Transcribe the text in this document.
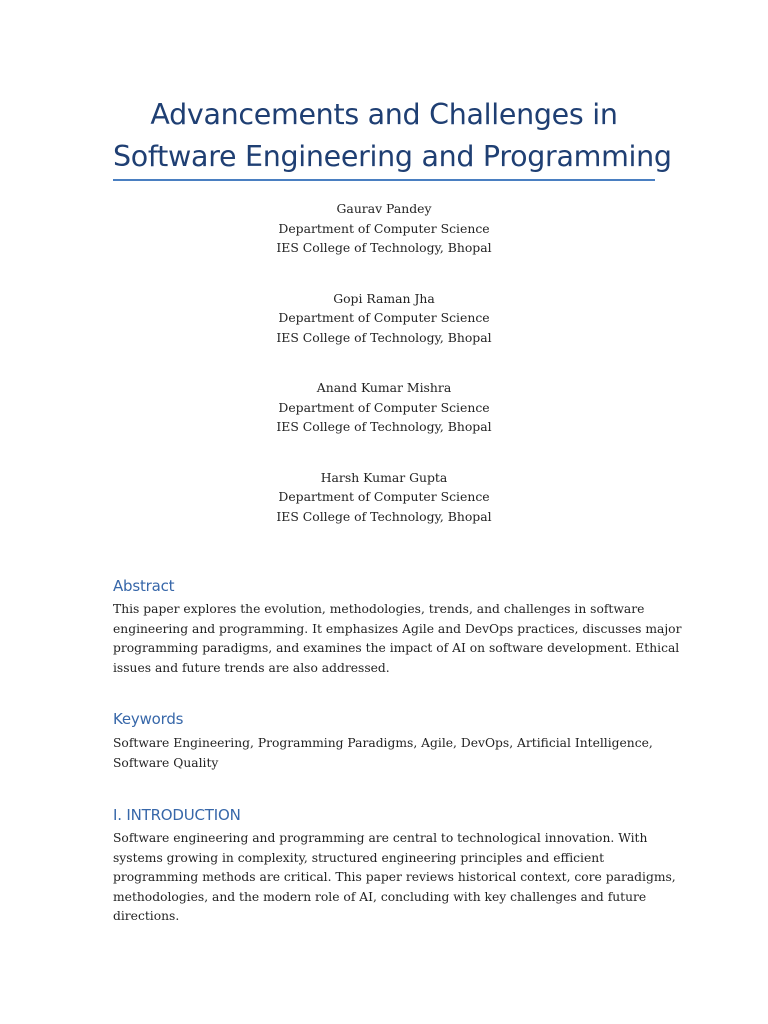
Advancements and Challenges in
Software Engineering and Programming
Gaurav Pandey
Department of Computer Science
IES College of Technology, Bhopal
Gopi Raman Jha
Department of Computer Science
IES College of Technology, Bhopal
Anand Kumar Mishra
Department of Computer Science
IES College of Technology, Bhopal
Harsh Kumar Gupta
Department of Computer Science
IES College of Technology, Bhopal
Abstract
This paper explores the evolution, methodologies, trends, and challenges in software
engineering and programming. It emphasizes Agile and DevOps practices, discusses major
programming paradigms, and examines the impact of AI on software development. Ethical
issues and future trends are also addressed.
Keywords
Software Engineering, Programming Paradigms, Agile, DevOps, Artificial Intelligence,
Software Quality
I. INTRODUCTION
Software engineering and programming are central to technological innovation. With
systems growing in complexity, structured engineering principles and efficient
programming methods are critical. This paper reviews historical context, core paradigms,
methodologies, and the modern role of AI, concluding with key challenges and future
directions.
